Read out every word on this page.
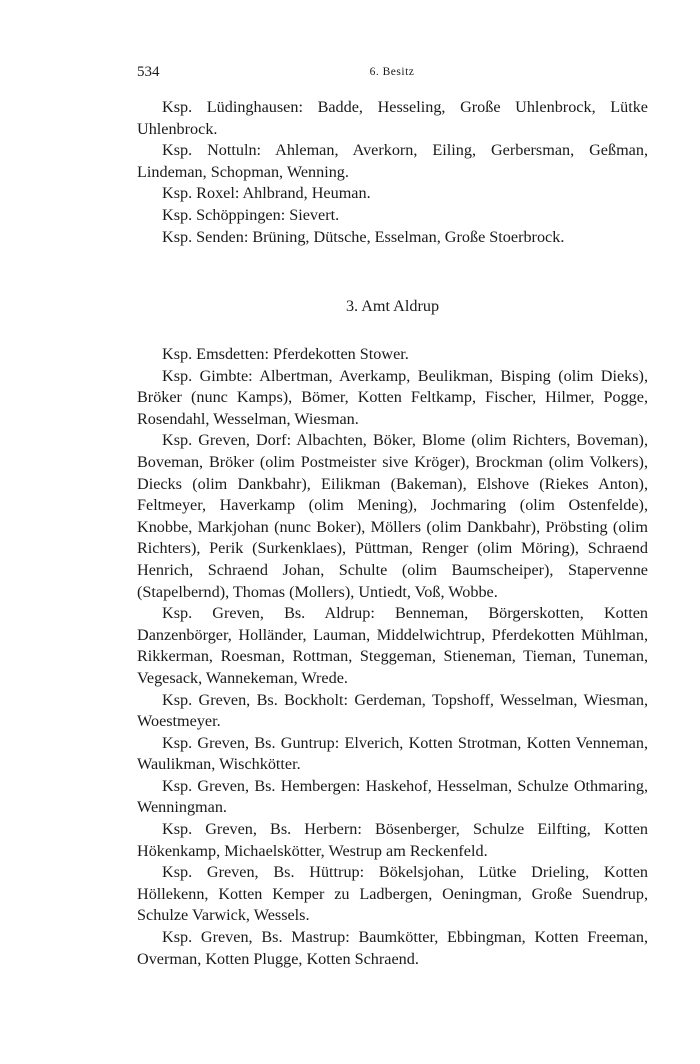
534	6. Besitz

Ksp. Lüdinghausen: Badde, Hesseling, Große Uhlenbrock, Lütke Uhlenbrock.

Ksp. Nottuln: Ahleman, Averkorn, Eiling, Gerbersman, Geßman, Lindeman, Schopman, Wenning.

Ksp. Roxel: Ahlbrand, Heuman.

Ksp. Schöppingen: Sievert.

Ksp. Senden: Brüning, Dütsche, Esselman, Große Stoerbrock.

3. Amt Aldrup

Ksp. Emsdetten: Pferdekotten Stower.

Ksp. Gimbte: Albertman, Averkamp, Beulikman, Bisping (olim Dieks), Bröker (nunc Kamps), Bömer, Kotten Feltkamp, Fischer, Hilmer, Pogge, Rosendahl, Wesselman, Wiesman.

Ksp. Greven, Dorf: Albachten, Böker, Blome (olim Richters, Boveman), Boveman, Bröker (olim Postmeister sive Kröger), Brockman (olim Volkers), Diecks (olim Dankbahr), Eilikman (Bakeman), Elshove (Riekes Anton), Feltmeyer, Haverkamp (olim Mening), Jochmaring (olim Ostenfelde), Knobbe, Markjohan (nunc Boker), Möllers (olim Dankbahr), Pröbsting (olim Richters), Perik (Surkenklaes), Püttman, Renger (olim Möring), Schraend Henrich, Schraend Johan, Schulte (olim Baumscheiper), Stapervenne (Stapelbernd), Thomas (Mollers), Untiedt, Voß, Wobbe.

Ksp. Greven, Bs. Aldrup: Benneman, Börgerskotten, Kotten Danzenbörger, Holländer, Lauman, Middelwichtrup, Pferdekotten Mühlman, Rikkerman, Roesman, Rottman, Steggeman, Stieneman, Tieman, Tuneman, Vegesack, Wannekeman, Wrede.

Ksp. Greven, Bs. Bockholt: Gerdeman, Topshoff, Wesselman, Wiesman, Woestmeyer.

Ksp. Greven, Bs. Guntrup: Elverich, Kotten Strotman, Kotten Venneman, Waulikman, Wischkötter.

Ksp. Greven, Bs. Hembergen: Haskehof, Hesselman, Schulze Othmaring, Wenningman.

Ksp. Greven, Bs. Herbern: Bösenberger, Schulze Eilfting, Kotten Hökenkamp, Michaelskötter, Westrup am Reckenfeld.

Ksp. Greven, Bs. Hüttrup: Bökelsjohan, Lütke Drieling, Kotten Höllekenn, Kotten Kemper zu Ladbergen, Oeningman, Große Suendrup, Schulze Varwick, Wessels.

Ksp. Greven, Bs. Mastrup: Baumkötter, Ebbingman, Kotten Freeman, Overman, Kotten Plugge, Kotten Schraend.
